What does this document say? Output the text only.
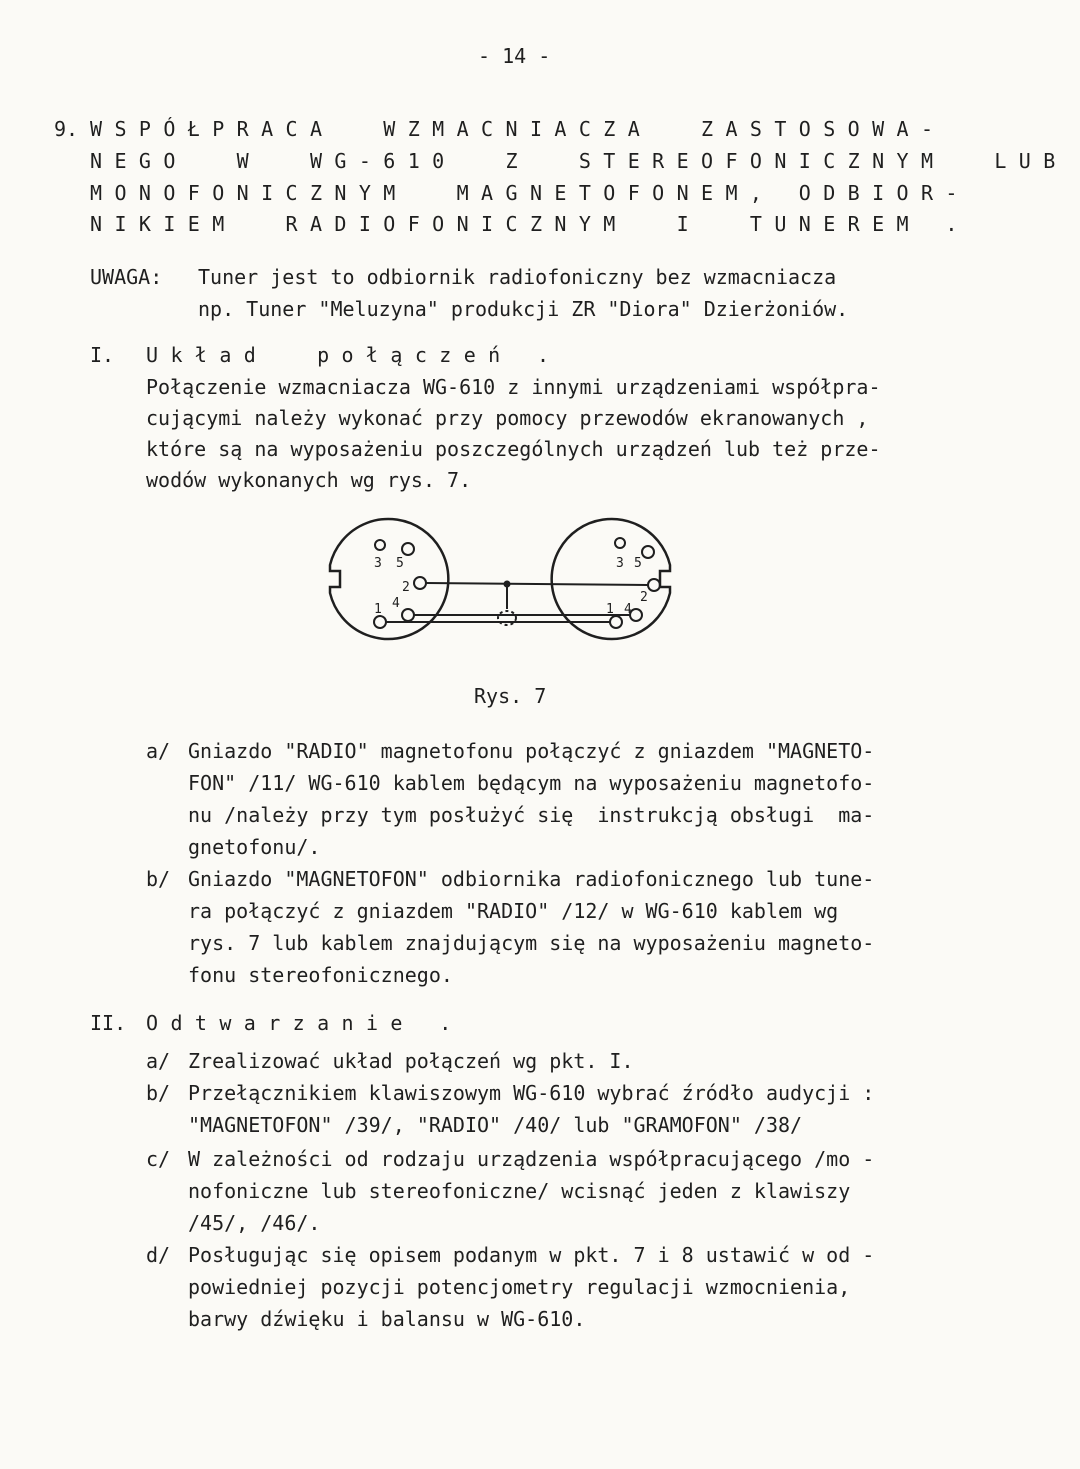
- 14 -
9. WSPÓŁPRACA  WZMACNIACZA  ZASTOSOWA-
NEGO  W  WG-610  Z  STEREOFONICZNYM  LUB
MONOFONICZNYM  MAGNETOFONEM, ODBIOR-
NIKIEM  RADIOFONICZNYM  I  TUNEREM .
UWAGA: Tuner jest to odbiornik radiofoniczny bez wzmacniacza
np. Tuner "Meluzyna" produkcji ZR "Diora" Dzierżoniów.
I. Układ  połączeń .
Połączenie wzmacniacza WG-610 z innymi urządzeniami współpra-
cującymi należy wykonać przy pomocy przewodów ekranowanych ,
które są na wyposażeniu poszczególnych urządzeń lub też prze-
wodów wykonanych wg rys. 7.
3 5
2
1 4
3 5
2
1 4
Rys. 7
a/ Gniazdo "RADIO" magnetofonu połączyć z gniazdem "MAGNETO-
FON" /11/ WG-610 kablem będącym na wyposażeniu magnetofo-
nu /należy przy tym posłużyć się  instrukcją obsługi  ma-
gnetofonu/.
b/ Gniazdo "MAGNETOFON" odbiornika radiofonicznego lub tune-
ra połączyć z gniazdem "RADIO" /12/ w WG-610 kablem wg
rys. 7 lub kablem znajdującym się na wyposażeniu magneto-
fonu stereofonicznego.
II. Odtwarzanie .
a/ Zrealizować układ połączeń wg pkt. I.
b/ Przełącznikiem klawiszowym WG-610 wybrać źródło audycji :
"MAGNETOFON" /39/, "RADIO" /40/ lub "GRAMOFON" /38/
c/ W zależności od rodzaju urządzenia współpracującego /mo -
nofoniczne lub stereofoniczne/ wcisnąć jeden z klawiszy
/45/, /46/.
d/ Posługując się opisem podanym w pkt. 7 i 8 ustawić w od -
powiedniej pozycji potencjometry regulacji wzmocnienia,
barwy dźwięku i balansu w WG-610.
